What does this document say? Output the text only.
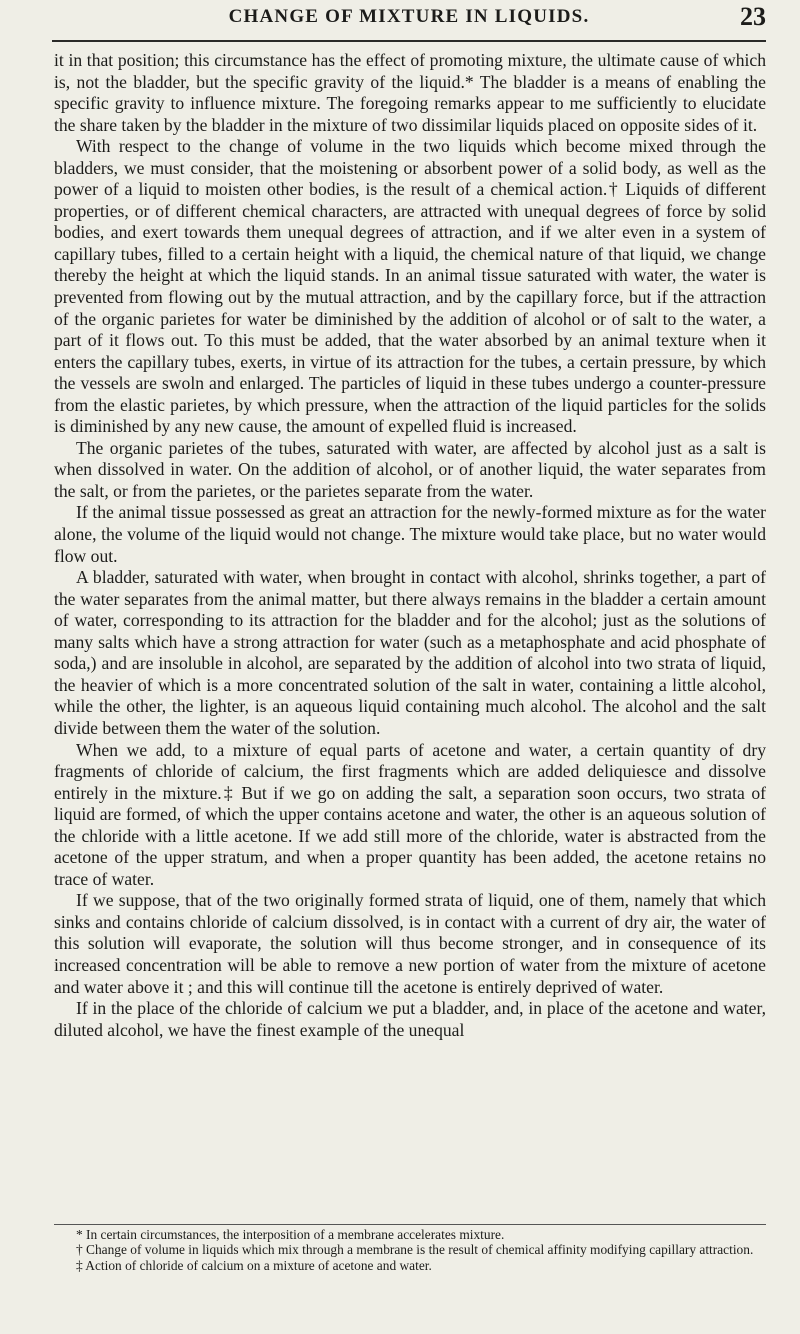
CHANGE OF MIXTURE IN LIQUIDS.	23

it in that position; this circumstance has the effect of promoting mixture, the ultimate cause of which is, not the bladder, but the specific gravity of the liquid.* The bladder is a means of enabling the specific gravity to influence mixture. The foregoing remarks appear to me sufficiently to elucidate the share taken by the bladder in the mixture of two dissimilar liquids placed on opposite sides of it.

With respect to the change of volume in the two liquids which become mixed through the bladders, we must consider, that the moistening or absorbent power of a solid body, as well as the power of a liquid to moisten other bodies, is the result of a chemical action.† Liquids of different properties, or of different chemical characters, are attracted with unequal degrees of force by solid bodies, and exert towards them unequal degrees of attraction, and if we alter even in a system of capillary tubes, filled to a certain height with a liquid, the chemical nature of that liquid, we change thereby the height at which the liquid stands. In an animal tissue saturated with water, the water is prevented from flowing out by the mutual attraction, and by the capillary force, but if the attraction of the organic parietes for water be diminished by the addition of alcohol or of salt to the water, a part of it flows out. To this must be added, that the water absorbed by an animal texture when it enters the capillary tubes, exerts, in virtue of its attraction for the tubes, a certain pressure, by which the vessels are swoln and enlarged. The particles of liquid in these tubes undergo a counter-pressure from the elastic parietes, by which pressure, when the attraction of the liquid particles for the solids is diminished by any new cause, the amount of expelled fluid is increased.

The organic parietes of the tubes, saturated with water, are affected by alcohol just as a salt is when dissolved in water. On the addition of alcohol, or of another liquid, the water separates from the salt, or from the parietes, or the parietes separate from the water.

If the animal tissue possessed as great an attraction for the newly-formed mixture as for the water alone, the volume of the liquid would not change. The mixture would take place, but no water would flow out.

A bladder, saturated with water, when brought in contact with alcohol, shrinks together, a part of the water separates from the animal matter, but there always remains in the bladder a certain amount of water, corresponding to its attraction for the bladder and for the alcohol; just as the solutions of many salts which have a strong attraction for water (such as a metaphosphate and acid phosphate of soda,) and are insoluble in alcohol, are separated by the addition of alcohol into two strata of liquid, the heavier of which is a more concentrated solution of the salt in water, containing a little alcohol, while the other, the lighter, is an aqueous liquid containing much alcohol. The alcohol and the salt divide between them the water of the solution.

When we add, to a mixture of equal parts of acetone and water, a certain quantity of dry fragments of chloride of calcium, the first fragments which are added deliquiesce and dissolve entirely in the mixture.‡ But if we go on adding the salt, a separation soon occurs, two strata of liquid are formed, of which the upper contains acetone and water, the other is an aqueous solution of the chloride with a little acetone. If we add still more of the chloride, water is abstracted from the acetone of the upper stratum, and when a proper quantity has been added, the acetone retains no trace of water.

If we suppose, that of the two originally formed strata of liquid, one of them, namely that which sinks and contains chloride of calcium dissolved, is in contact with a current of dry air, the water of this solution will evaporate, the solution will thus become stronger, and in consequence of its increased concentration will be able to remove a new portion of water from the mixture of acetone and water above it ; and this will continue till the acetone is entirely deprived of water.

If in the place of the chloride of calcium we put a bladder, and, in place of the acetone and water, diluted alcohol, we have the finest example of the unequal

* In certain circumstances, the interposition of a membrane accelerates mixture.

† Change of volume in liquids which mix through a membrane is the result of chemical affinity modifying capillary attraction.

‡ Action of chloride of calcium on a mixture of acetone and water.
